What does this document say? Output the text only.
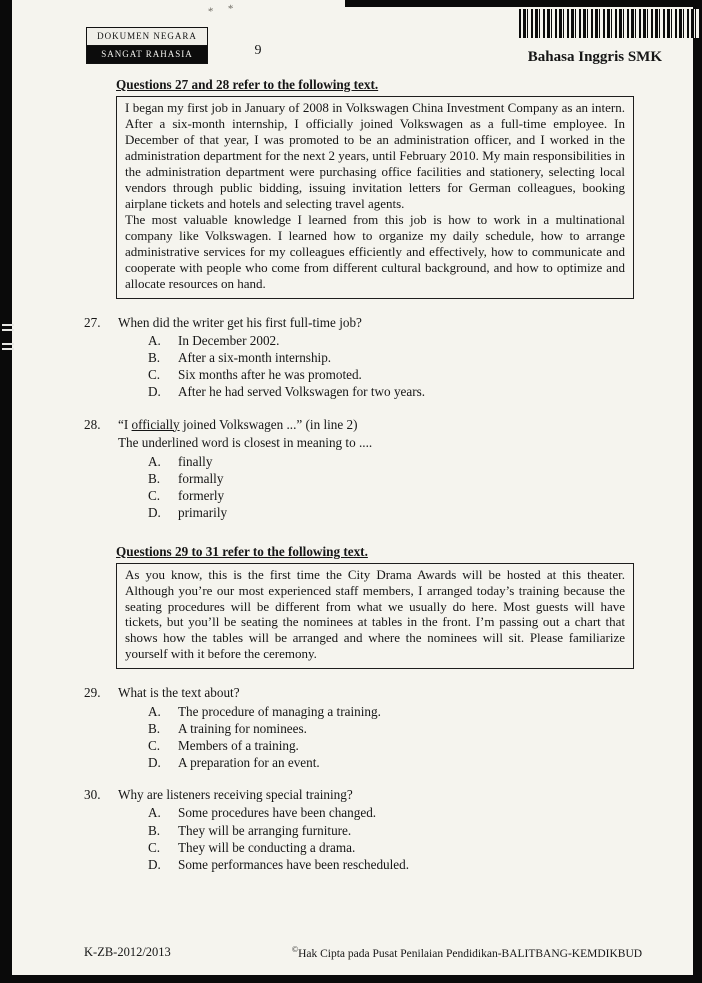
* *
DOKUMEN NEGARA
SANGAT RAHASIA	9	Bahasa Inggris SMK
Questions 27 and 28 refer to the following text.

I began my first job in January of 2008 in Volkswagen China Investment Company as an intern. After a six-month internship, I officially joined Volkswagen as a full-time employee. In December of that year, I was promoted to be an administration officer, and I worked in the administration department for the next 2 years, until February 2010. My main responsibilities in the administration department were purchasing office facilities and stationery, selecting local vendors through public bidding, issuing invitation letters for German colleagues, booking airplane tickets and hotels and selecting travel agents.

The most valuable knowledge I learned from this job is how to work in a multinational company like Volkswagen. I learned how to organize my daily schedule, how to arrange administrative services for my colleagues efficiently and effectively, how to communicate and cooperate with people who come from different cultural background, and how to optimize and allocate resources on hand.

27.	When did the writer get his first full-time job?
A.	In December 2002.
B.	After a six-month internship.
C.	Six months after he was promoted.
D.	After he had served Volkswagen for two years.
28.	“I officially joined Volkswagen ...” (in line 2)
The underlined word is closest in meaning to ....
A.	finally
B.	formally
C.	formerly
D.	primarily
Questions 29 to 31 refer to the following text.

As you know, this is the first time the City Drama Awards will be hosted at this theater. Although you’re our most experienced staff members, I arranged today’s training because the seating procedures will be different from what we usually do here. Most guests will have tickets, but you’ll be seating the nominees at tables in the front. I’m passing out a chart that shows how the tables will be arranged and where the nominees will sit. Please familiarize yourself with it before the ceremony.

29.	What is the text about?
A.	The procedure of managing a training.
B.	A training for nominees.
C.	Members of a training.
D.	A preparation for an event.
30.	Why are listeners receiving special training?
A.	Some procedures have been changed.
B.	They will be arranging furniture.
C.	They will be conducting a drama.
D.	Some performances have been rescheduled.
K-ZB-2012/2013	©Hak Cipta pada Pusat Penilaian Pendidikan-BALITBANG-KEMDIKBUD
